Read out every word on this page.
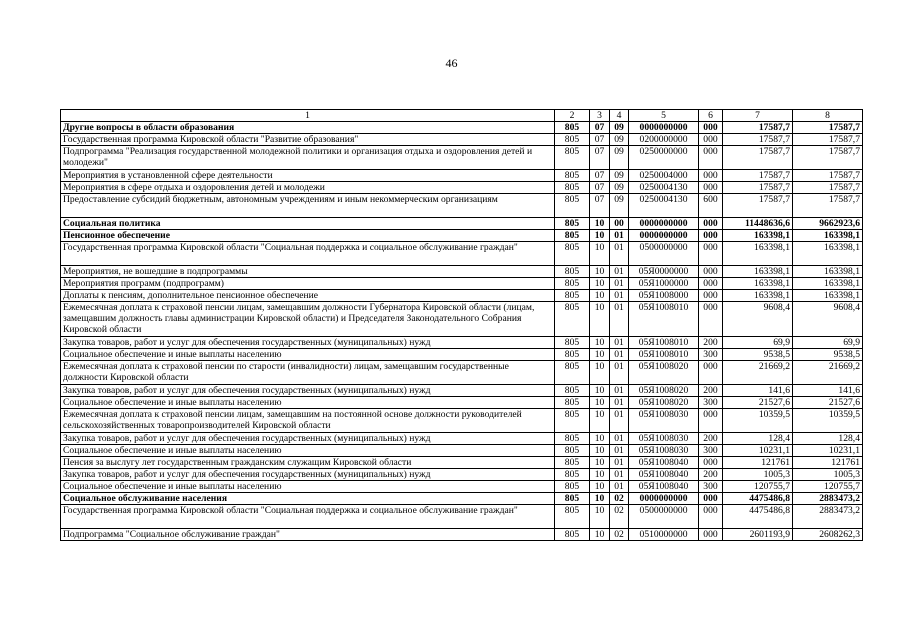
46
1	2	3	4	5	6	7	8
Другие вопросы в области образования	805	07	09	0000000000	000	17587,7	17587,7
Государственная программа Кировской области "Развитие образования"	805	07	09	0200000000	000	17587,7	17587,7
Подпрограмма "Реализация государственной молодежной политики и организация отдыха и оздоровления детей и молодежи"	805	07	09	0250000000	000	17587,7	17587,7
Мероприятия в установленной сфере деятельности	805	07	09	0250004000	000	17587,7	17587,7
Мероприятия в сфере отдыха и оздоровления детей и молодежи	805	07	09	0250004130	000	17587,7	17587,7
Предоставление субсидий бюджетным, автономным учреждениям и иным некоммерческим организациям	805	07	09	0250004130	600	17587,7	17587,7
Социальная политика	805	10	00	0000000000	000	11448636,6	9662923,6
Пенсионное обеспечение	805	10	01	0000000000	000	163398,1	163398,1
Государственная программа Кировской области "Социальная поддержка и социальное обслуживание граждан"	805	10	01	0500000000	000	163398,1	163398,1
Мероприятия, не вошедшие в подпрограммы	805	10	01	05Я0000000	000	163398,1	163398,1
Мероприятия программ (подпрограмм)	805	10	01	05Я1000000	000	163398,1	163398,1
Доплаты к пенсиям, дополнительное пенсионное обеспечение	805	10	01	05Я1008000	000	163398,1	163398,1
Ежемесячная доплата к страховой пенсии лицам, замещавшим должности Губернатора Кировской области (лицам, замещавшим должность главы администрации Кировской области) и Председателя Законодательного Собрания Кировской области	805	10	01	05Я1008010	000	9608,4	9608,4
Закупка товаров, работ и услуг для обеспечения государственных (муниципальных) нужд	805	10	01	05Я1008010	200	69,9	69,9
Социальное обеспечение и иные выплаты населению	805	10	01	05Я1008010	300	9538,5	9538,5
Ежемесячная доплата к страховой пенсии по старости (инвалидности) лицам, замещавшим государственные должности Кировской области	805	10	01	05Я1008020	000	21669,2	21669,2
Закупка товаров, работ и услуг для обеспечения государственных (муниципальных) нужд	805	10	01	05Я1008020	200	141,6	141,6
Социальное обеспечение и иные выплаты населению	805	10	01	05Я1008020	300	21527,6	21527,6
Ежемесячная доплата к страховой пенсии лицам, замещавшим на постоянной основе должности руководителей сельскохозяйственных товаропроизводителей Кировской области	805	10	01	05Я1008030	000	10359,5	10359,5
Закупка товаров, работ и услуг для обеспечения государственных (муниципальных) нужд	805	10	01	05Я1008030	200	128,4	128,4
Социальное обеспечение и иные выплаты населению	805	10	01	05Я1008030	300	10231,1	10231,1
Пенсия за выслугу лет государственным гражданским служащим Кировской области	805	10	01	05Я1008040	000	121761	121761
Закупка товаров, работ и услуг для обеспечения государственных (муниципальных) нужд	805	10	01	05Я1008040	200	1005,3	1005,3
Социальное обеспечение и иные выплаты населению	805	10	01	05Я1008040	300	120755,7	120755,7
Социальное обслуживание населения	805	10	02	0000000000	000	4475486,8	2883473,2
Государственная программа Кировской области "Социальная поддержка и социальное обслуживание граждан"	805	10	02	0500000000	000	4475486,8	2883473,2
Подпрограмма "Социальное обслуживание граждан"	805	10	02	0510000000	000	2601193,9	2608262,3
